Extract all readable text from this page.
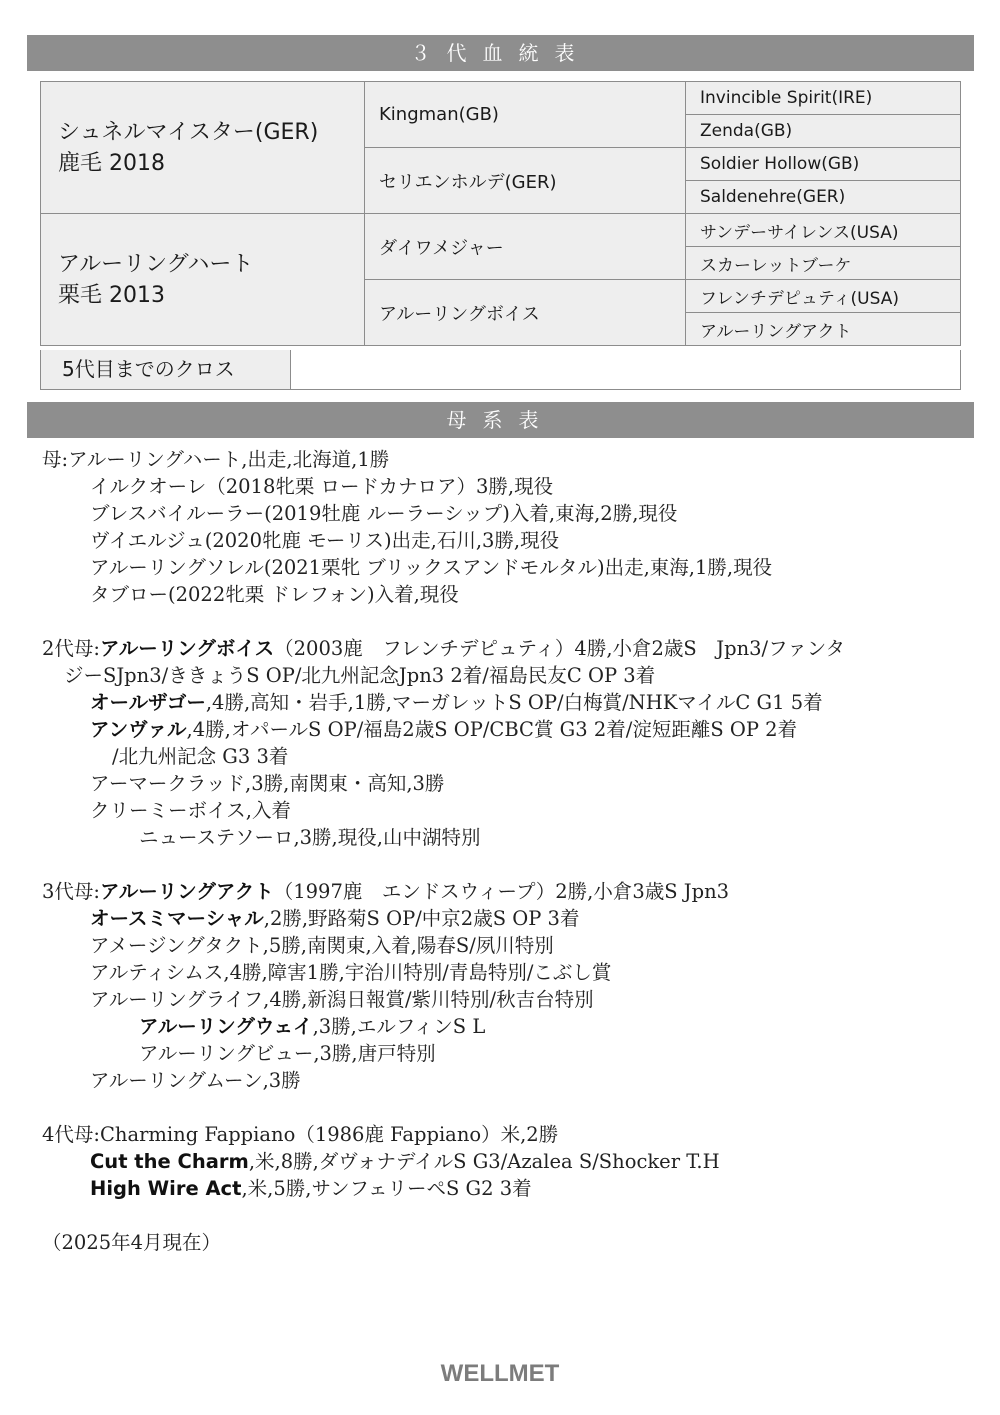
３代血統表
シュネルマイスター(GER)
鹿毛 2018	Kingman(GB)	Invincible Spirit(IRE)
		Zenda(GB)
	セリエンホルデ(GER)	Soldier Hollow(GB)
		Saldenehre(GER)

アルーリングハート
栗毛 2013	ダイワメジャー	サンデーサイレンス(USA)
		スカーレットブーケ
	アルーリングボイス	フレンチデピュティ(USA)
		アルーリングアクト
5代目までのクロス
母系表
母:アルーリングハート,出走,北海道,1勝
イルクオーレ（2018牝栗 ロードカナロア）3勝,現役
ブレスバイルーラー(2019牡鹿 ルーラーシップ)入着,東海,2勝,現役
ヴイエルジュ(2020牝鹿 モーリス)出走,石川,3勝,現役
アルーリングソレル(2021栗牝 ブリックスアンドモルタル)出走,東海,1勝,現役
タブロー(2022牝栗 ドレフォン)入着,現役
2代母:アルーリングボイス（2003鹿　フレンチデピュティ）4勝,小倉2歳S　Jpn3/ファンタ
ジーSJpn3/ききょうS OP/北九州記念Jpn3 2着/福島民友C OP 3着
オールザゴー,4勝,高知・岩手,1勝,マーガレットS OP/白梅賞/NHKマイルC G1 5着
アンヴァル,4勝,オパールS OP/福島2歳S OP/CBC賞 G3 2着/淀短距離S OP 2着
/北九州記念 G3 3着
アーマークラッド,3勝,南関東・高知,3勝
クリーミーボイス,入着
ニューステソーロ,3勝,現役,山中湖特別
3代母:アルーリングアクト（1997鹿　エンドスウィープ）2勝,小倉3歳S Jpn3
オースミマーシャル,2勝,野路菊S OP/中京2歳S OP 3着
アメージングタクト,5勝,南関東,入着,陽春S/夙川特別
アルティシムス,4勝,障害1勝,宇治川特別/青島特別/こぶし賞
アルーリングライフ,4勝,新潟日報賞/紫川特別/秋吉台特別
アルーリングウェイ,3勝,エルフィンS L
アルーリングビュー,3勝,唐戸特別
アルーリングムーン,3勝
4代母:Charming Fappiano（1986鹿 Fappiano）米,2勝
Cut the Charm,米,8勝,ダヴォナデイルS G3/Azalea S/Shocker T.H
High Wire Act,米,5勝,サンフェリーペS G2 3着
（2025年4月現在）
WELLMET
